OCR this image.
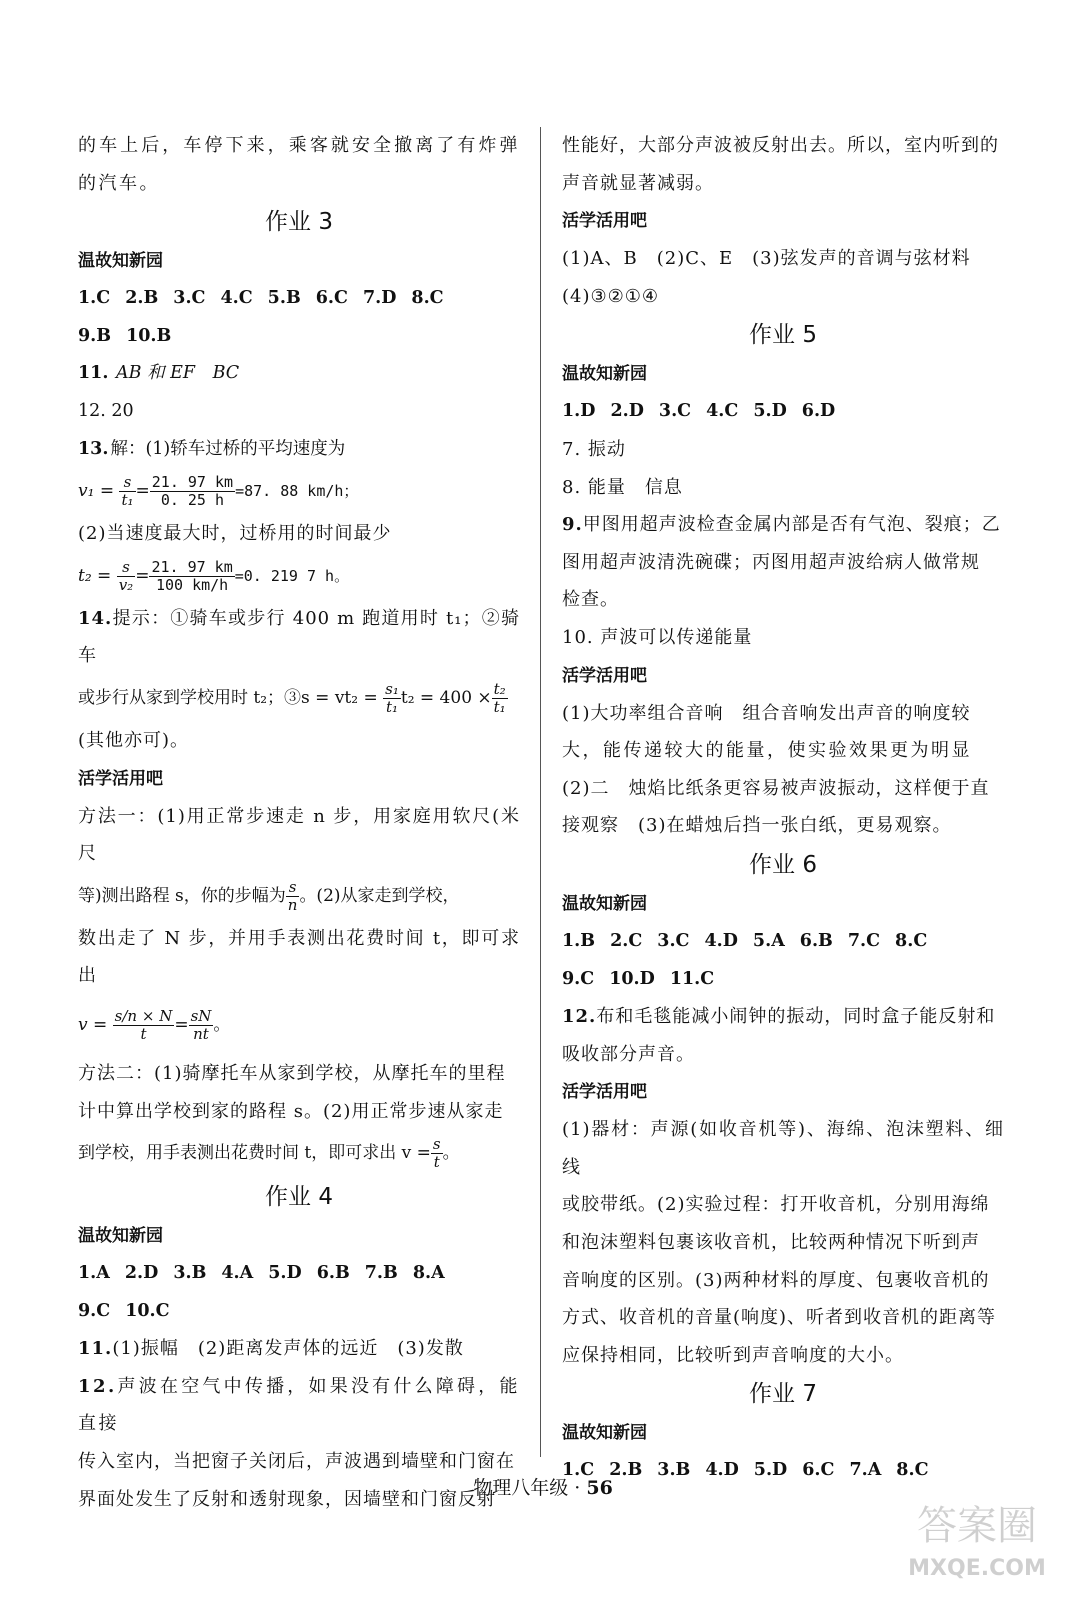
的车上后，车停下来，乘客就安全撤离了有炸弹的汽车。

作业 3

温故知新园

1.C 2.B 3.C 4.C 5.B 6.C 7.D 8.C

9.B 10.B

11. AB 和 EF　BC

12. 20

13. 解：(1)轿车过桥的平均速度为

$v_1 = \frac{s}{\text{t₁}} = \frac{21. 97 km}{0. 25 h} =87$. 88 km/h；

(2)当速度最大时，过桥用的时间最少

$t_2 = \frac{s}{\text{v₂}} = \frac{21. 97 km}{100 km/h} =0$. 219 7 h。

14.提示：①骑车或步行 400 m 跑道用时 t₁；②骑车

或步行从家到学校用时 t₂；③s = $vt_2 = \frac{\text{s₁}}{\text{t₁}} t_2 = 400 \times \frac{\text{t₂}}{\text{t₁}}$

(其他亦可)。

活学活用吧

方法一：(1)用正常步速走 n 步，用家庭用软尺(米尺

等)测出路程 s，你的步幅为 $\frac{s}{n}$ 。(2)从家走到学校，

数出走了 N 步，并用手表测出花费时间 t，即可求出

$v = \frac{s/n \times N}{t} = \frac{sN}{nt}$ 。

方法二：(1)骑摩托车从家到学校，从摩托车的里程

计中算出学校到家的路程 s。(2)用正常步速从家走

到学校，用手表测出花费时间 t，即可求出 $v = \frac{s}{t}$ 。

作业 4

温故知新园

1.A 2.D 3.B 4.A 5.D 6.B 7.B 8.A

9.C 10.C

11.(1)振幅　(2)距离发声体的远近　(3)发散

12.声波在空气中传播，如果没有什么障碍，能直接

传入室内，当把窗子关闭后，声波遇到墙壁和门窗在

界面处发生了反射和透射现象，因墙壁和门窗反射

性能好，大部分声波被反射出去。所以，室内听到的

声音就显著减弱。

活学活用吧

(1)A、B　(2)C、E　(3)弦发声的音调与弦材料

(4)③②①④

作业 5

温故知新园

1.D 2.D 3.C 4.C 5.D 6.D

7. 振动

8. 能量　信息

9.甲图用超声波检查金属内部是否有气泡、裂痕；乙

图用超声波清洗碗碟；丙图用超声波给病人做常规

检查。

10. 声波可以传递能量

活学活用吧

(1)大功率组合音响　组合音响发出声音的响度较

大，能传递较大的能量，使实验效果更为明显

(2)二　烛焰比纸条更容易被声波振动，这样便于直

接观察　(3)在蜡烛后挡一张白纸，更易观察。

作业 6

温故知新园

1.B 2.C 3.C 4.D 5.A 6.B 7.C 8.C

9.C 10.D 11.C

12.布和毛毯能减小闹钟的振动，同时盒子能反射和

吸收部分声音。

活学活用吧

(1)器材：声源(如收音机等)、海绵、泡沫塑料、细线

或胶带纸。(2)实验过程：打开收音机，分别用海绵

和泡沫塑料包裹该收音机，比较两种情况下听到声

音响度的区别。(3)两种材料的厚度、包裹收音机的

方式、收音机的音量(响度)、听者到收音机的距离等

应保持相同，比较听到声音响度的大小。

作业 7

温故知新园

1.C 2.B 3.B 4.D 5.D 6.C 7.A 8.C

物理八年级 · 56
答案圈
MXQE.COM
